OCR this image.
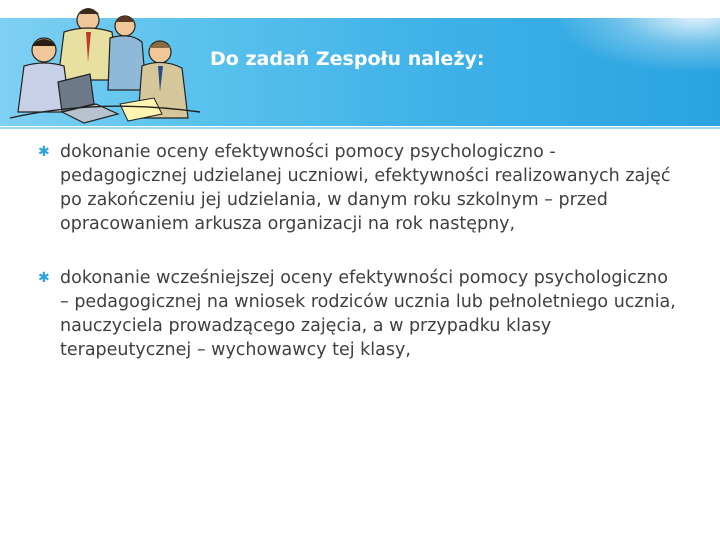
Do zadań Zespołu należy:
✱ dokonanie oceny efektywności pomocy psychologiczno - pedagogicznej udzielanej uczniowi, efektywności realizowanych zajęć po zakończeniu jej udzielania, w danym roku szkolnym – przed opracowaniem arkusza organizacji na rok następny,
✱ dokonanie wcześniejszej oceny efektywności pomocy psychologiczno – pedagogicznej na wniosek rodziców ucznia lub pełnoletniego ucznia, nauczyciela prowadzącego zajęcia, a w przypadku klasy terapeutycznej – wychowawcy tej klasy,
